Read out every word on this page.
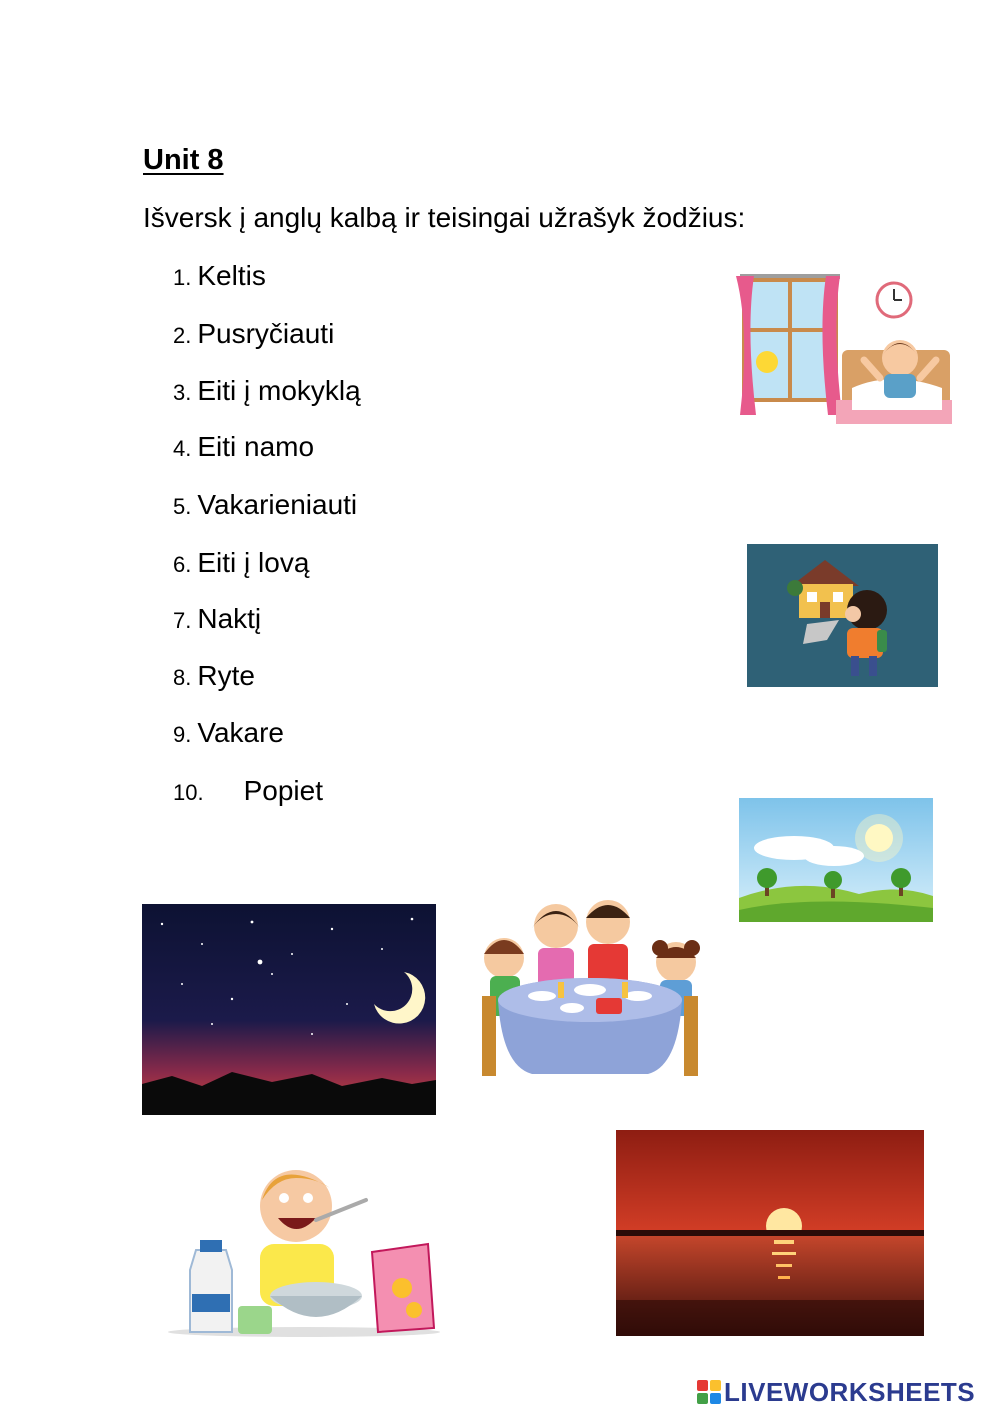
Unit 8
Išversk į anglų kalbą ir teisingai užrašyk žodžius:
1. Keltis
2. Pusryčiauti
3. Eiti į mokyklą
4. Eiti namo
5. Vakarieniauti
6. Eiti į lovą
7. Naktį
8. Ryte
9. Vakare
10. Popiet
LIVEWORKSHEETS
